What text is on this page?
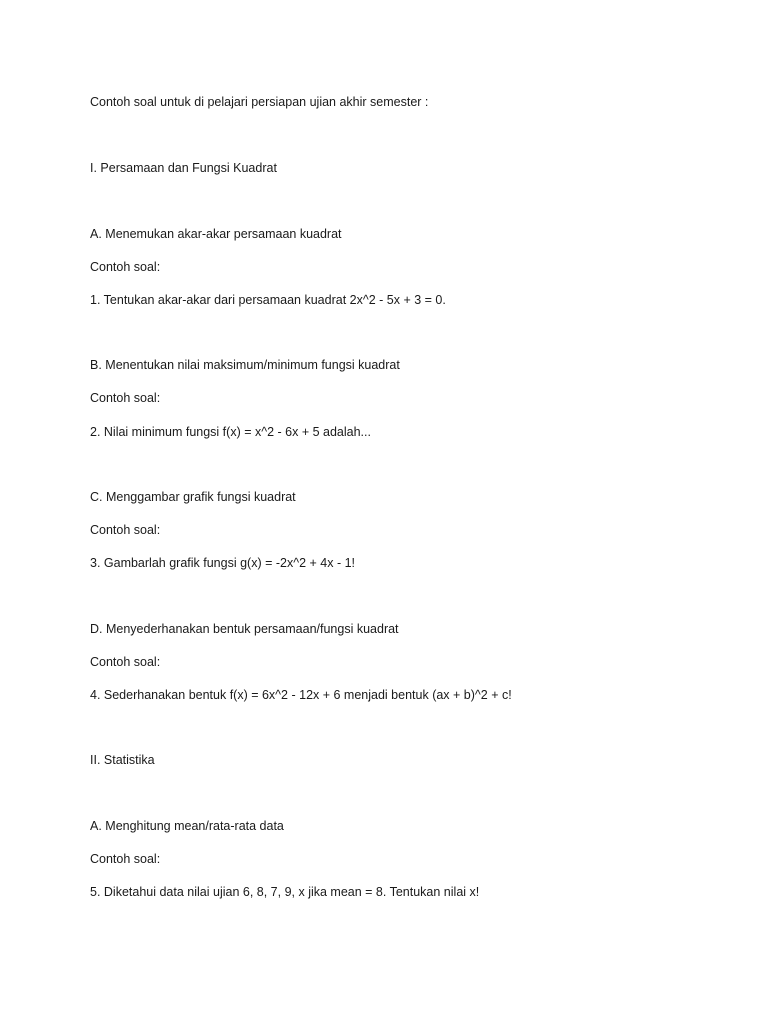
Contoh soal untuk di pelajari persiapan ujian akhir semester :

I. Persamaan dan Fungsi Kuadrat

A. Menemukan akar-akar persamaan kuadrat

Contoh soal:

1. Tentukan akar-akar dari persamaan kuadrat 2x^2 - 5x + 3 = 0.

B. Menentukan nilai maksimum/minimum fungsi kuadrat

Contoh soal:

2. Nilai minimum fungsi f(x) = x^2 - 6x + 5 adalah...

C. Menggambar grafik fungsi kuadrat

Contoh soal:

3. Gambarlah grafik fungsi g(x) = -2x^2 + 4x - 1!

D. Menyederhanakan bentuk persamaan/fungsi kuadrat

Contoh soal:

4. Sederhanakan bentuk f(x) = 6x^2 - 12x + 6 menjadi bentuk (ax + b)^2 + c!

II. Statistika

A. Menghitung mean/rata-rata data

Contoh soal:

5. Diketahui data nilai ujian 6, 8, 7, 9, x jika mean = 8. Tentukan nilai x!
